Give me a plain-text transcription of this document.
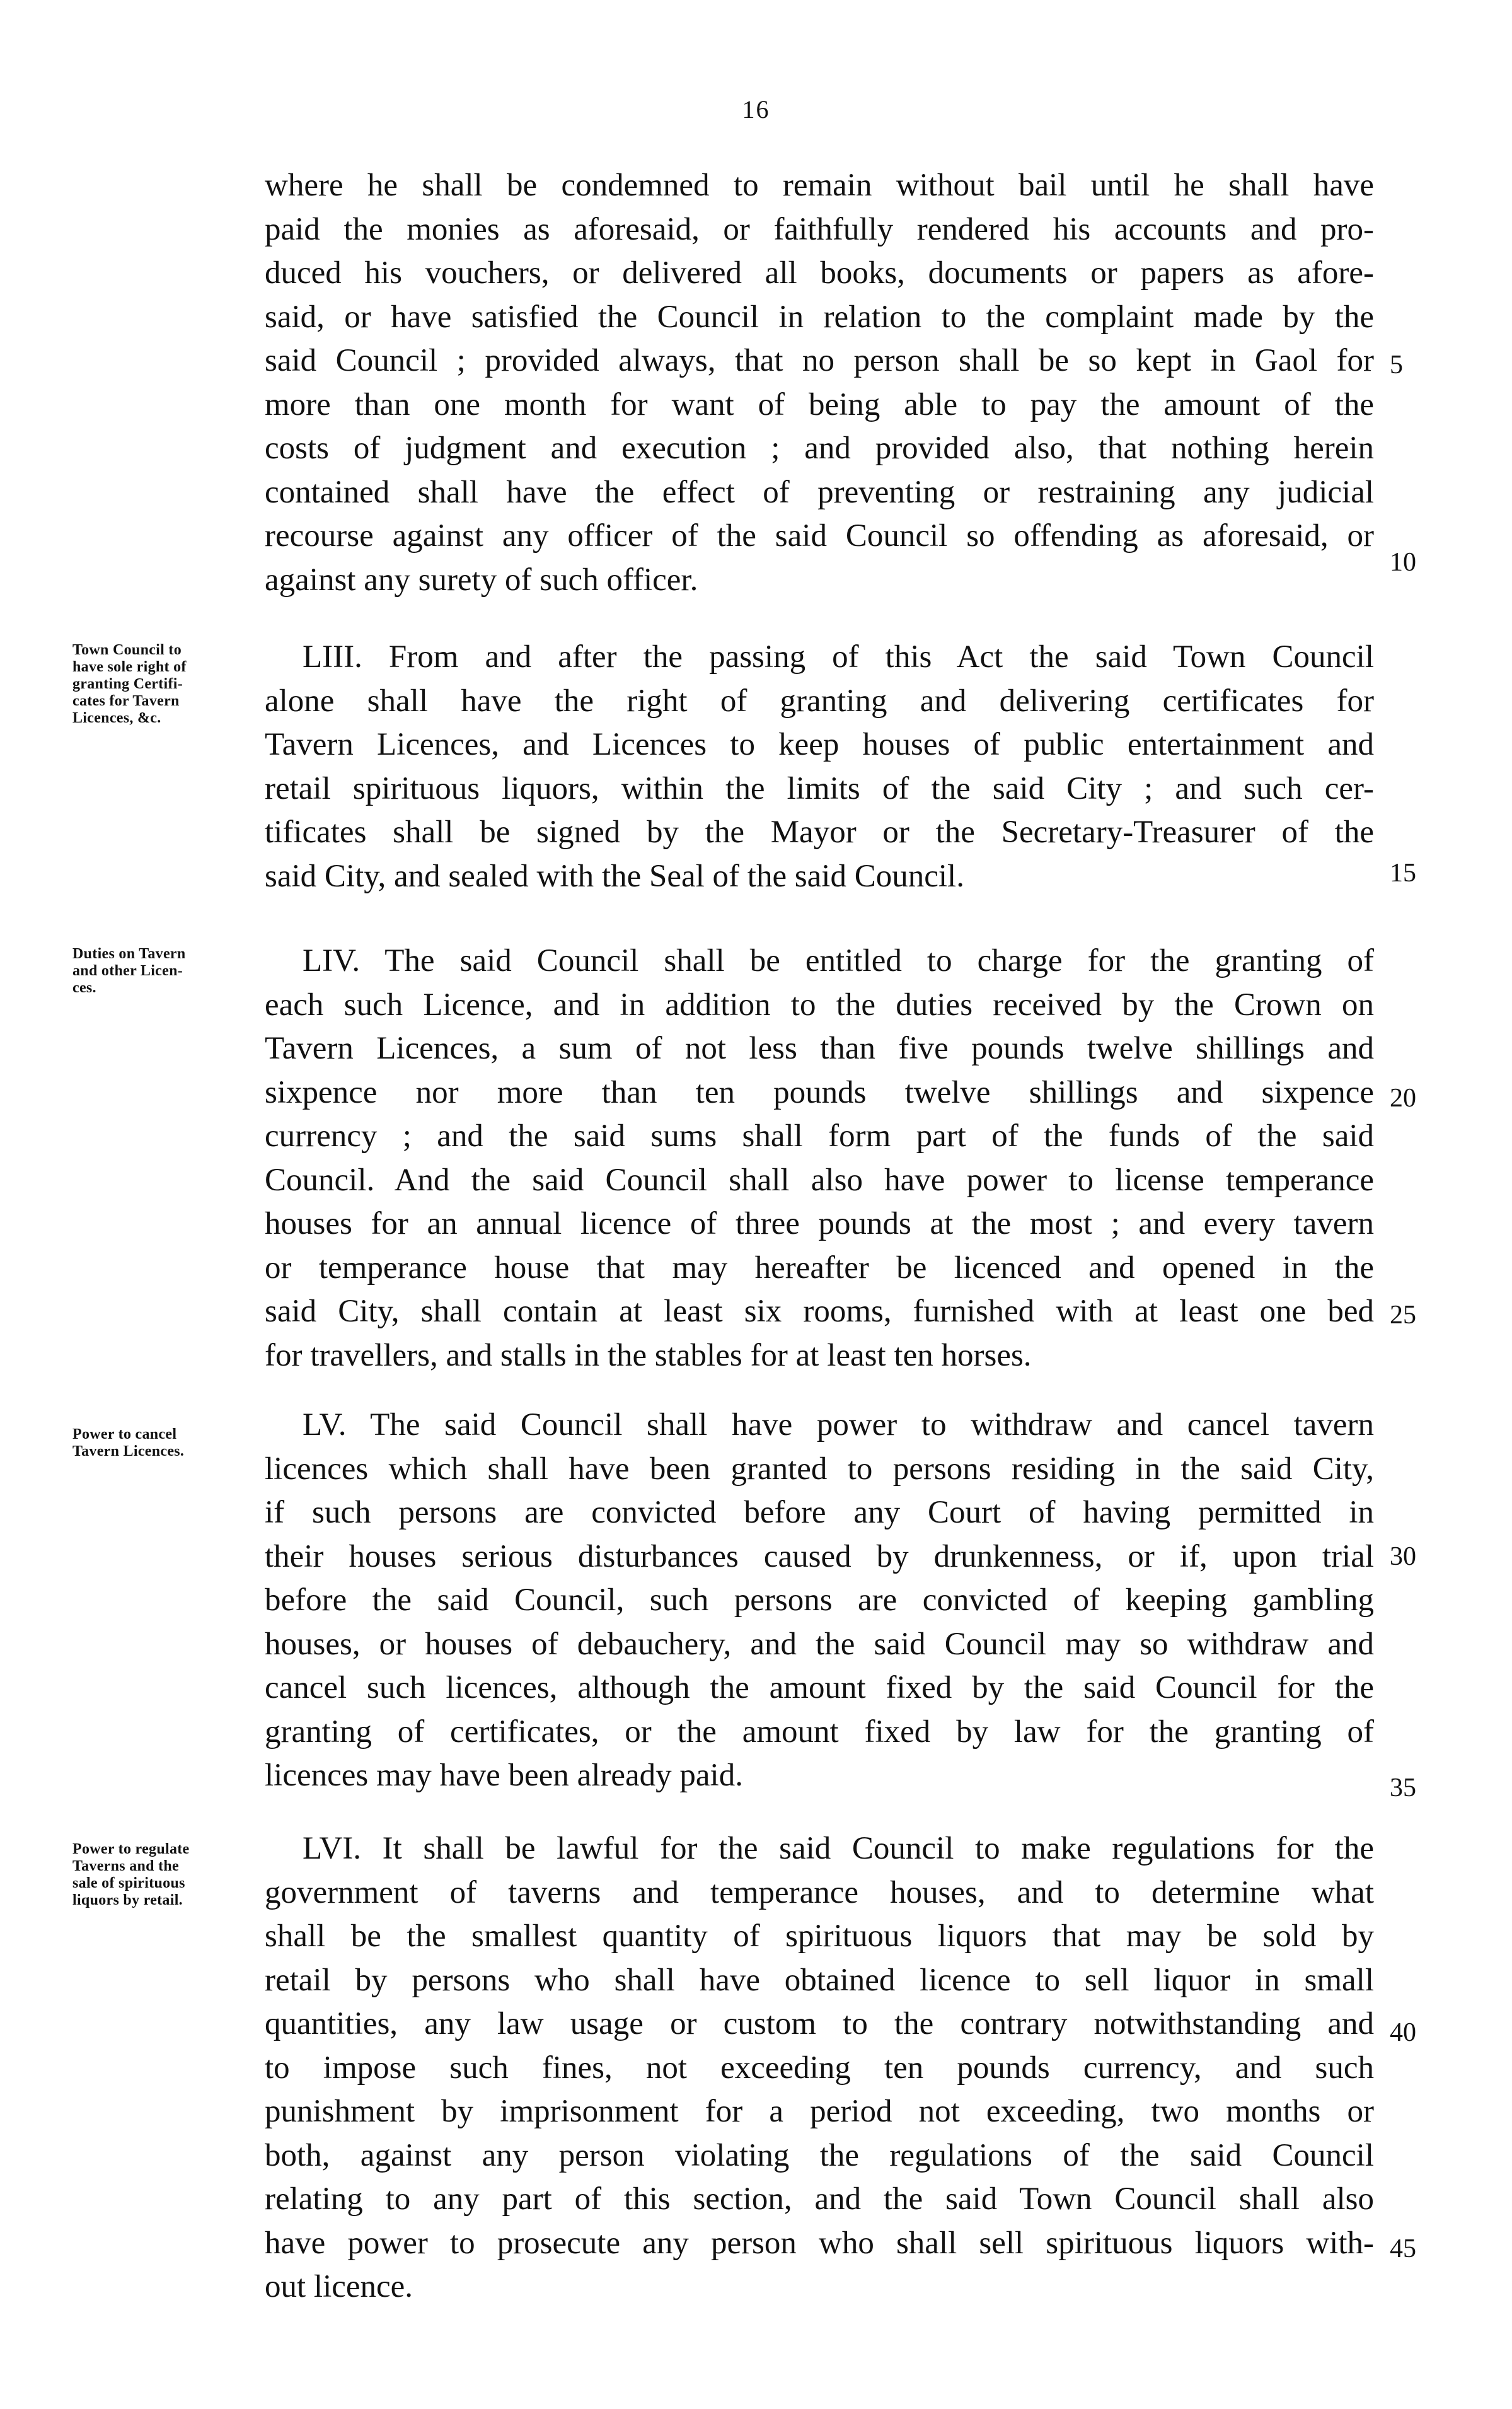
16
where he shall be condemned to remain without bail until he shall have
paid the monies as aforesaid, or faithfully rendered his accounts and pro-
duced his vouchers, or delivered all books, documents or papers as afore-
said, or have satisfied the Council in relation to the complaint made by the
said Council ; provided always, that no person shall be so kept in Gaol for
more than one month for want of being able to pay the amount of the
costs of judgment and execution ; and provided also, that nothing herein
contained shall have the effect of preventing or restraining any judicial
recourse against any officer of the said Council so offending as aforesaid, or
against any surety of such officer.
Town Council to
have sole right of
granting Certifi-
cates for Tavern
Licences, &c.
LIII. From and after the passing of this Act the said Town Council
alone shall have the right of granting and delivering certificates for
Tavern Licences, and Licences to keep houses of public entertainment and
retail spirituous liquors, within the limits of the said City ; and such cer-
tificates shall be signed by the Mayor or the Secretary-Treasurer of the
said City, and sealed with the Seal of the said Council.
Duties on Tavern
and other Licen-
ces.
LIV. The said Council shall be entitled to charge for the granting of
each such Licence, and in addition to the duties received by the Crown on
Tavern Licences, a sum of not less than five pounds twelve shillings and
sixpence nor more than ten pounds twelve shillings and sixpence
currency ; and the said sums shall form part of the funds of the said
Council. And the said Council shall also have power to license temperance
houses for an annual licence of three pounds at the most ; and every tavern
or temperance house that may hereafter be licenced and opened in the
said City, shall contain at least six rooms, furnished with at least one bed
for travellers, and stalls in the stables for at least ten horses.
Power to cancel
Tavern Licences.
LV. The said Council shall have power to withdraw and cancel tavern
licences which shall have been granted to persons residing in the said City,
if such persons are convicted before any Court of having permitted in
their houses serious disturbances caused by drunkenness, or if, upon trial
before the said Council, such persons are convicted of keeping gambling
houses, or houses of debauchery, and the said Council may so withdraw and
cancel such licences, although the amount fixed by the said Council for the
granting of certificates, or the amount fixed by law for the granting of
licences may have been already paid.
Power to regulate
Taverns and the
sale of spirituous
liquors by retail.
LVI. It shall be lawful for the said Council to make regulations for the
government of taverns and temperance houses, and to determine what
shall be the smallest quantity of spirituous liquors that may be sold by
retail by persons who shall have obtained licence to sell liquor in small
quantities, any law usage or custom to the contrary notwithstanding and
to impose such fines, not exceeding ten pounds currency, and such
punishment by imprisonment for a period not exceeding, two months or
both, against any person violating the regulations of the said Council
relating to any part of this section, and the said Town Council shall also
have power to prosecute any person who shall sell spirituous liquors with-
out licence.
5
10
15
20
25
30
35
40
45
